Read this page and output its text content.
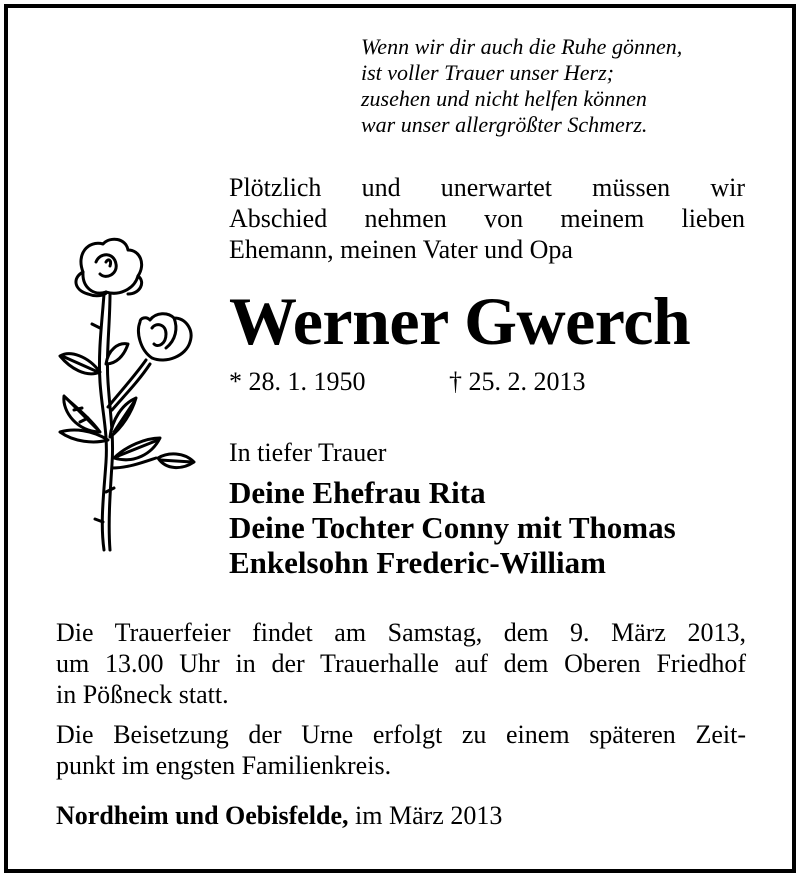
Wenn wir dir auch die Ruhe gönnen,
ist voller Trauer unser Herz;
zusehen und nicht helfen können
war unser allergrößter Schmerz.
Plötzlich und unerwartet müssen wir
Abschied nehmen von meinem lieben
Ehemann, meinen Vater und Opa
Werner Gwerch
* 28. 1. 1950	† 25. 2. 2013
In tiefer Trauer
Deine Ehefrau Rita
Deine Tochter Conny mit Thomas
Enkelsohn Frederic-William
Die Trauerfeier findet am Samstag, dem 9. März 2013,
um 13.00 Uhr in der Trauerhalle auf dem Oberen Friedhof
in Pößneck statt.
Die Beisetzung der Urne erfolgt zu einem späteren Zeit-
punkt im engsten Familienkreis.
Nordheim und Oebisfelde, im März 2013
